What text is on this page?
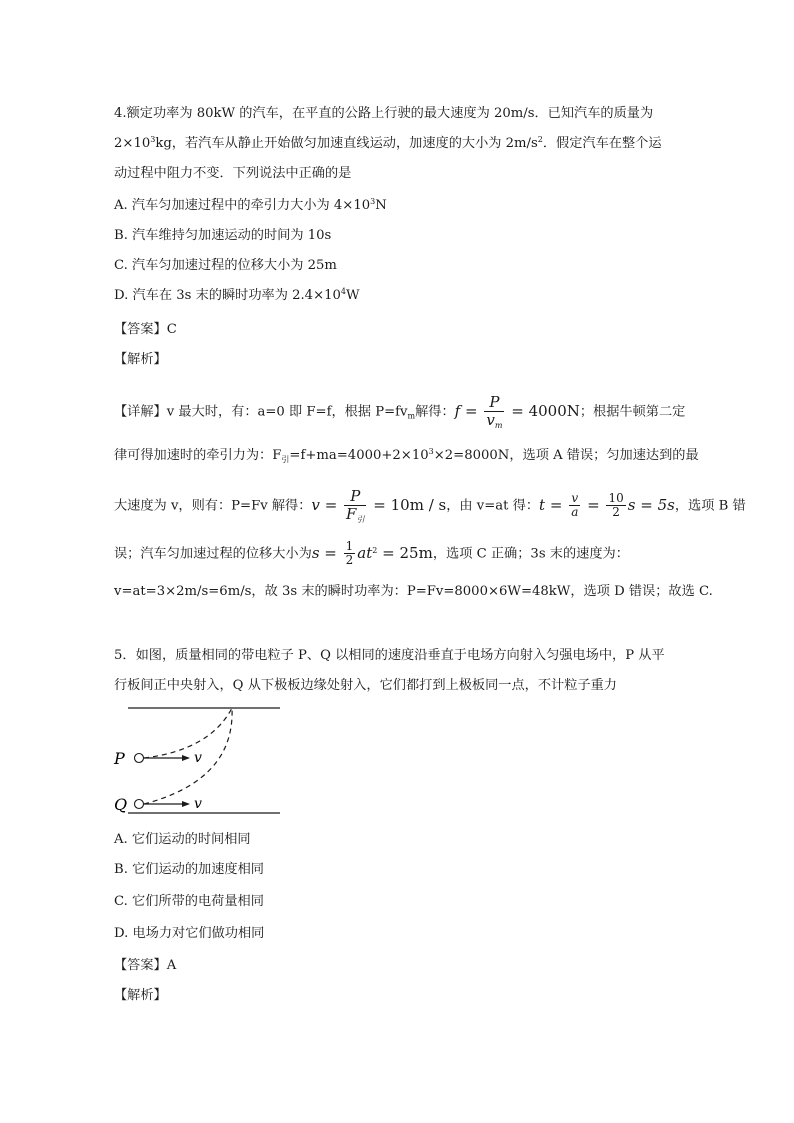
4.额定功率为 80kW 的汽车，在平直的公路上行驶的最大速度为 20m/s．已知汽车的质量为
$2\times 10^3kg$，若汽车从静止开始做匀加速直线运动，加速度的大小为 $2m/s^2$．假定汽车在整个运
动过程中阻力不变．下列说法中正确的是
A. 汽车匀加速过程中的牵引力大小为 $4\times 10^3N$
B. 汽车维持匀加速运动的时间为 10s
C. 汽车匀加速过程的位移大小为 25m
D. 汽车在 3s 末的瞬时功率为 $2.4\times 10^4W$
【答案】C
【解析】
【详解】v 最大时，有：a=0 即 F=f，根据 $P=fv_m$解得：$f = \frac{P}{v_m} = 4000N$；根据牛顿第二定
律可得加速时的牵引力为：$F_引=f+ma=4000+2\times 10^3\times 2=8000N$，选项 A 错误；匀加速达到的最
大速度为 v，则有：P=Fv 解得：$v = \frac{P}{F_引} = 10m / s$，由 v=at 得：$t = \frac{v}{a} = \frac{10}{2}$ s = 5s，选项 B 错
误；汽车匀加速过程的位移大小为$s = \frac{1}{2} at^2 = 25m$，选项 C 正确；3s 末的速度为：
v=at=3×2m/s=6m/s，故 3s 末的瞬时功率为：P=Fv=8000×6W=48kW，选项 D 错误；故选 C.
5．如图，质量相同的带电粒子 P、Q 以相同的速度沿垂直于电场方向射入匀强电场中，P 从平
行板间正中央射入，Q 从下极板边缘处射入，它们都打到上极板同一点，不计粒子重力
P
Q
v
v
A. 它们运动的时间相同
B. 它们运动的加速度相同
C. 它们所带的电荷量相同
D. 电场力对它们做功相同
【答案】A
【解析】
